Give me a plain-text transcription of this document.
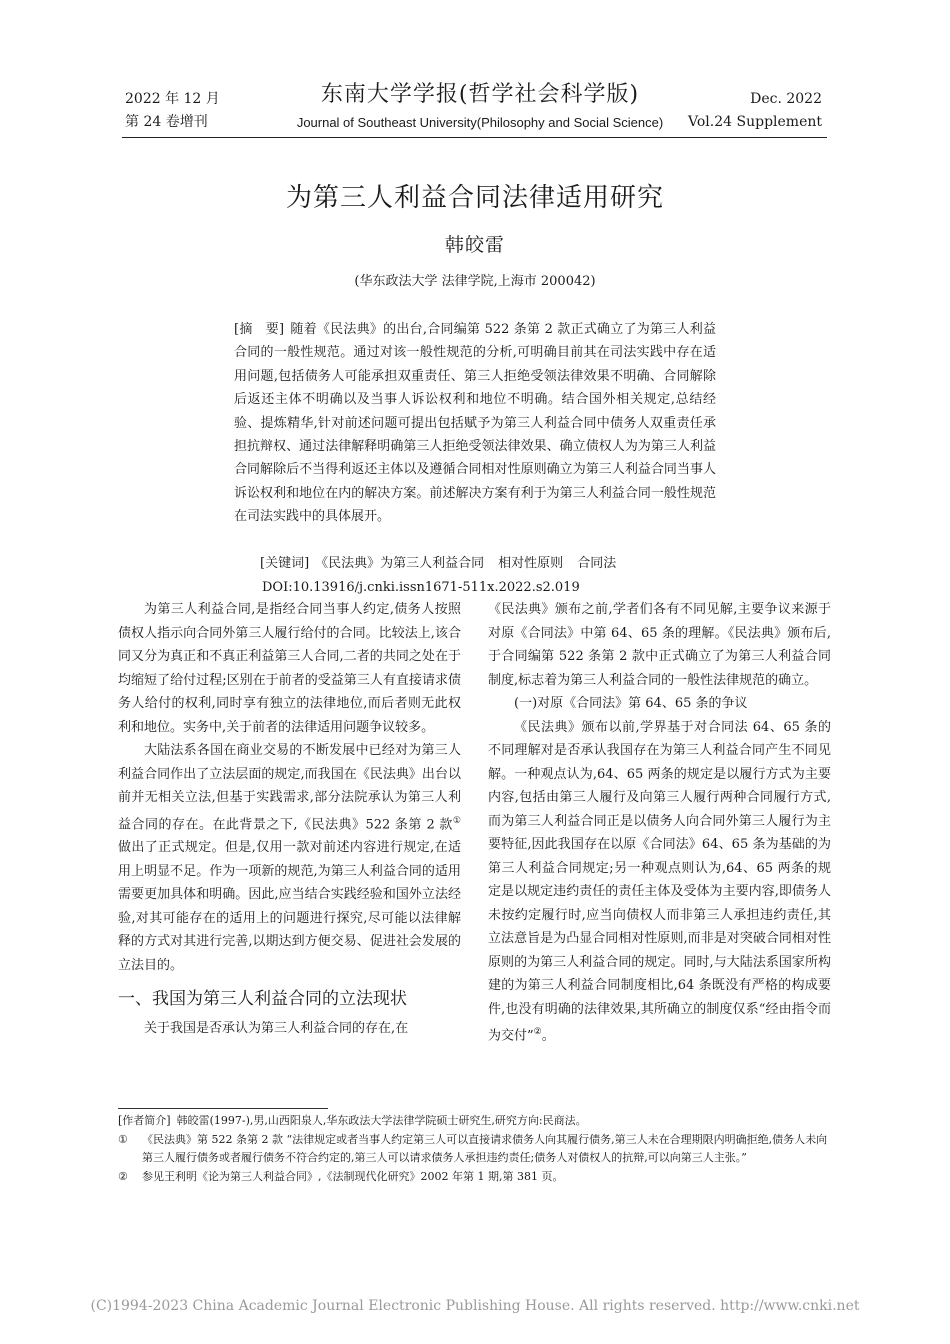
2022 年 12 月
第 24 卷增刊
东南大学学报(哲学社会科学版)
Journal of Southeast University(Philosophy and Social Science)
Dec. 2022
Vol.24 Supplement
为第三人利益合同法律适用研究
韩皎雷
(华东政法大学 法律学院,上海市 200042)
[摘　要] 随着《民法典》的出台,合同编第 522 条第 2 款正式确立了为第三人利益合同的一般性规范。通过对该一般性规范的分析,可明确目前其在司法实践中存在适用问题,包括债务人可能承担双重责任、第三人拒绝受领法律效果不明确、合同解除后返还主体不明确以及当事人诉讼权利和地位不明确。结合国外相关规定,总结经验、提炼精华,针对前述问题可提出包括赋予为第三人利益合同中债务人双重责任承担抗辩权、通过法律解释明确第三人拒绝受领法律效果、确立债权人为为第三人利益合同解除后不当得利返还主体以及遵循合同相对性原则确立为第三人利益合同当事人诉讼权利和地位在内的解决方案。前述解决方案有利于为第三人利益合同一般性规范在司法实践中的具体展开。
[关键词] 《民法典》为第三人利益合同 相对性原则 合同法
DOI:10.13916/j.cnki.issn1671-511x.2022.s2.019

为第三人利益合同,是指经合同当事人约定,债务人按照债权人指示向合同外第三人履行给付的合同。比较法上,该合同又分为真正和不真正利益第三人合同,二者的共同之处在于均缩短了给付过程;区别在于前者的受益第三人有直接请求债务人给付的权利,同时享有独立的法律地位,而后者则无此权利和地位。实务中,关于前者的法律适用问题争议较多。

大陆法系各国在商业交易的不断发展中已经对为第三人利益合同作出了立法层面的规定,而我国在《民法典》出台以前并无相关立法,但基于实践需求,部分法院承认为第三人利益合同的存在。在此背景之下,《民法典》522 条第 2 款①做出了正式规定。但是,仅用一款对前述内容进行规定,在适用上明显不足。作为一项新的规范,为第三人利益合同的适用需要更加具体和明确。因此,应当结合实践经验和国外立法经验,对其可能存在的适用上的问题进行探究,尽可能以法律解释的方式对其进行完善,以期达到方便交易、促进社会发展的立法目的。

一、我国为第三人利益合同的立法现状

关于我国是否承认为第三人利益合同的存在,在

《民法典》颁布之前,学者们各有不同见解,主要争议来源于对原《合同法》中第 64、65 条的理解。《民法典》颁布后,于合同编第 522 条第 2 款中正式确立了为第三人利益合同制度,标志着为第三人利益合同的一般性法律规范的确立。

(一)对原《合同法》第 64、65 条的争议

《民法典》颁布以前,学界基于对合同法 64、65 条的不同理解对是否承认我国存在为第三人利益合同产生不同见解。一种观点认为,64、65 两条的规定是以履行方式为主要内容,包括由第三人履行及向第三人履行两种合同履行方式,而为第三人利益合同正是以债务人向合同外第三人履行为主要特征,因此我国存在以原《合同法》64、65 条为基础的为第三人利益合同规定;另一种观点则认为,64、65 两条的规定是以规定违约责任的责任主体及受体为主要内容,即债务人未按约定履行时,应当向债权人而非第三人承担违约责任,其立法意旨是为凸显合同相对性原则,而非是对突破合同相对性原则的为第三人利益合同的规定。同时,与大陆法系国家所构建的为第三人利益合同制度相比,64 条既没有严格的构成要件,也没有明确的法律效果,其所确立的制度仅系“经由指令而为交付”②。

[作者简介] 韩皎雷(1997-),男,山西阳泉人,华东政法大学法律学院硕士研究生,研究方向:民商法。
①	《民法典》第 522 条第 2 款 “法律规定或者当事人约定第三人可以直接请求债务人向其履行债务,第三人未在合理期限内明确拒绝,债务人未向第三人履行债务或者履行债务不符合约定的,第三人可以请求债务人承担违约责任;债务人对债权人的抗辩,可以向第三人主张。”
②	参见王利明《论为第三人利益合同》,《法制现代化研究》2002 年第 1 期,第 381 页。
(C)1994-2023 China Academic Journal Electronic Publishing House. All rights reserved. http://www.cnki.net
